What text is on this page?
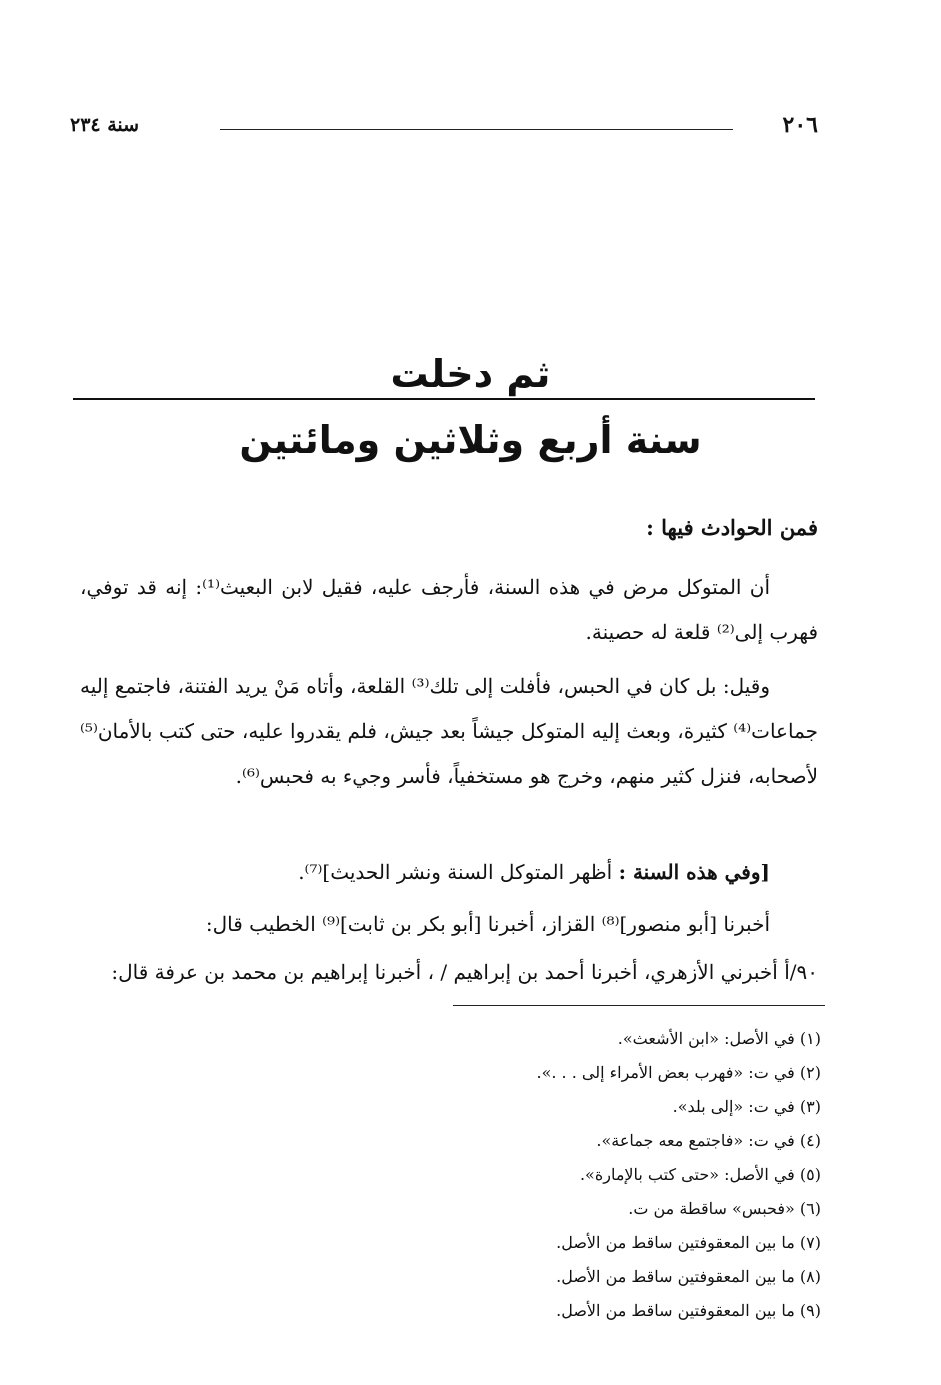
٢٠٦
سنة ٢٣٤
ثم دخلت
سنة أربع وثلاثين ومائتين
فمن الحوادث فيها :

أن المتوكل مرض في هذه السنة، فأرجف عليه، فقيل لابن البعيث⁽¹⁾: إنه قد توفي، فهرب إلى⁽²⁾ قلعة له حصينة.

وقيل: بل كان في الحبس، فأفلت إلى تلك⁽³⁾ القلعة، وأتاه مَنْ يريد الفتنة، فاجتمع إليه جماعات⁽⁴⁾ كثيرة، وبعث إليه المتوكل جيشاً بعد جيش، فلم يقدروا عليه، حتى كتب بالأمان⁽⁵⁾ لأصحابه، فنزل كثير منهم، وخرج هو مستخفياً، فأسر وجيء به فحبس⁽⁶⁾.

[وفي هذه السنة : أظهر المتوكل السنة ونشر الحديث]⁽⁷⁾.

أخبرنا [أبو منصور]⁽⁸⁾ القزاز، أخبرنا [أبو بكر بن ثابت]⁽⁹⁾ الخطيب قال:

٩٠/أ أخبرني الأزهري، أخبرنا أحمد بن إبراهيم / ، أخبرنا إبراهيم بن محمد بن عرفة قال:

(١) في الأصل: «ابن الأشعث».
(٢) في ت: «فهرب بعض الأمراء إلى . . .».
(٣) في ت: «إلى بلد».
(٤) في ت: «فاجتمع معه جماعة».
(٥) في الأصل: «حتى كتب بالإمارة».
(٦) «فحبس» ساقطة من ت.
(٧) ما بين المعقوفتين ساقط من الأصل.
(٨) ما بين المعقوفتين ساقط من الأصل.
(٩) ما بين المعقوفتين ساقط من الأصل.
